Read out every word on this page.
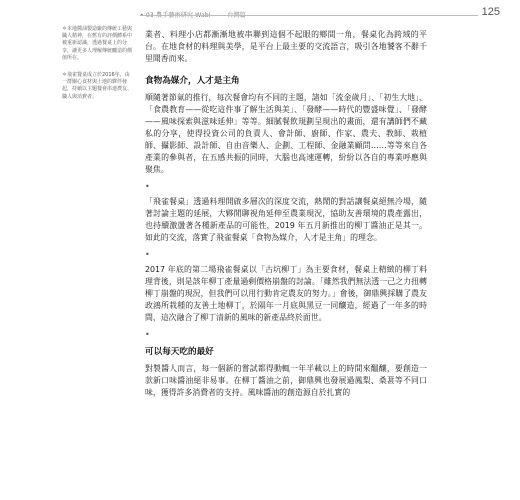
• 03 農手藝術研究 Wabi —— 台灣篇	125
＊本地醬油製造廠的傳統工藝與職人精神，在舊有的評價體系中被重新認識，透過餐桌上的分享，讓更多人理解傳統釀造的價值所在。
＊飛雀餐桌成立於2016年，由一群關心食材與土地的夥伴發起，持續以主題餐會串連農友、職人與消費者。

業者、料理小店都漸漸地被串聯到這個不起眼的鄉間一角，餐桌化為跨域的平台。在地食材的料理與美學，是平台上最主要的交流語言，吸引各地饕客不辭千里聞香而來。

食物為媒介，人才是主角

順隨著節氣的推行，每次餐會均有不同的主題，諸如「流金歲月」、「初生大地」、「食農教育——從吃這件事了解生活與美」、「發酵——時代的豐盛味覺」、「發酵——風味探索與滋味延伸」等等。細膩餐飲規劃呈現出的畫面，還有講師們不藏私的分享，使得投資公司的負責人、會計師、廚師、作家、農夫、教師、栽植師、攝影師、設計師、自由音樂人、企劃、工程師、金融業顧問……等等來自各產業的參與者，在五感共振的同時，大腦也高速運轉，紛紛以各自的專業呼應與聚焦。

•

「飛雀餐桌」透過料理開啟多層次的深度交流，熱鬧的對話讓餐桌絕無冷場，隨著討論主題的延展，大夥閒聊視角延伸至農業現況，協助友善環境的農產露出，也持續激盪著各種新產品的可能性，2019 年五月新推出的柳丁醬油正是其一。如此的交流，落實了飛雀餐桌「食物為媒介，人才是主角」的理念。

•

2017 年底的第二場飛雀餐桌以「古坑柳丁」為主要食材，餐桌上精緻的柳丁料理背後，則是該年柳丁產量過剩價格崩盤的討論。「雖然我們無法透一己之力扭轉柳丁崩盤的現況，但我們可以用行動肯定農友的努力。」會後，御鼎興採購了農友政鴻所栽種的友善土地柳丁，於隔年一月底與黑豆一同釀造，經過了一年多的時間，這次融合了柳丁清新的風味的新產品終於面世。

•
可以每天吃的最好

對製醬人而言，每一個新的嘗試都得動輒一年半載以上的時間來醞釀，要創造一款新口味醬油絕非易事。在柳丁醬油之前，御鼎興也發展過鳳梨、桑葚等不同口味，獲得許多消費者的支持。風味醬油的創造源自於扎實的
